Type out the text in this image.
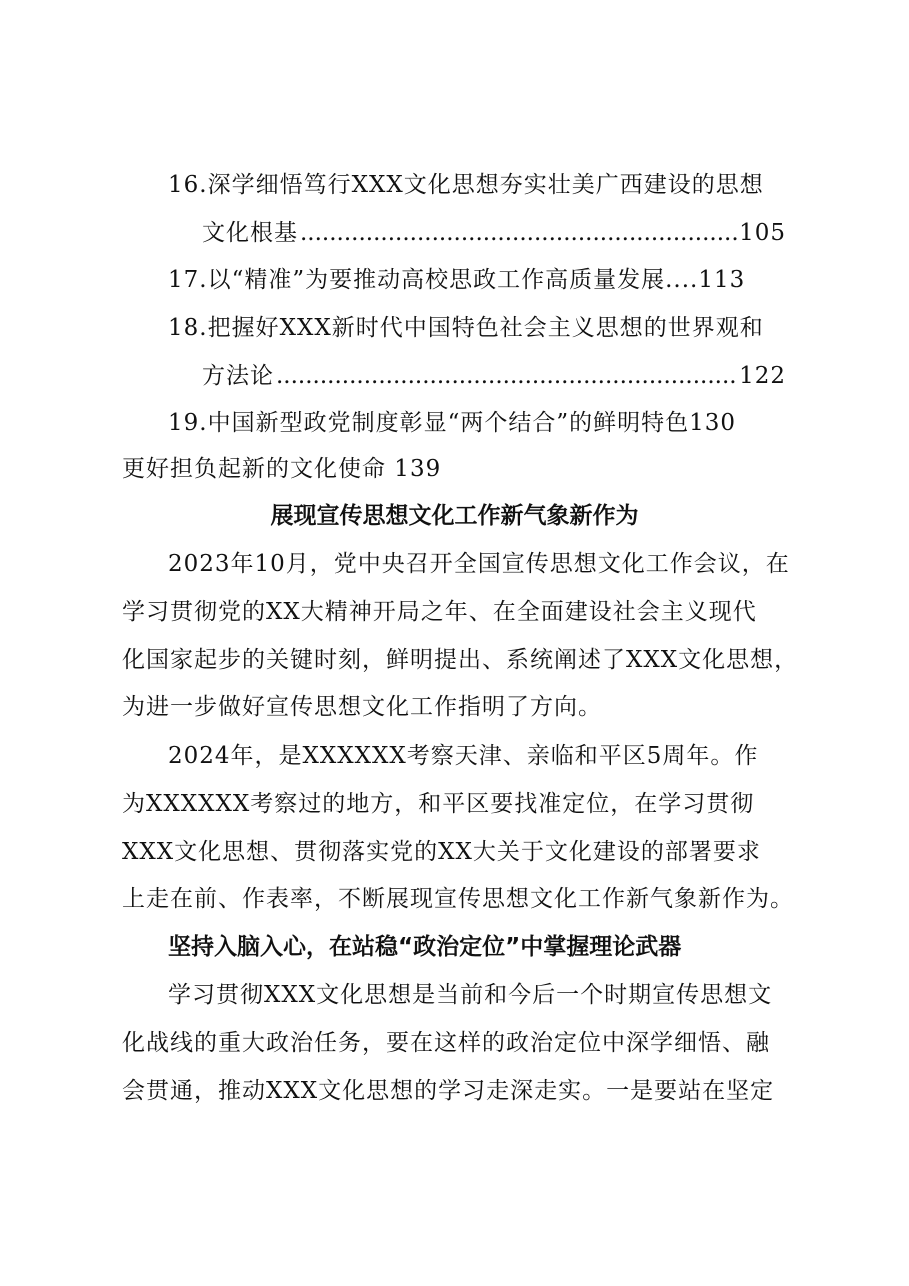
16.深学细悟笃行XXX文化思想夯实壮美广西建设的思想
文化根基 .....	105
17.以“精准”为要推动高校思政工作高质量发展....113
18.把握好XXX新时代中国特色社会主义思想的世界观和
方法论 .....	122
19.中国新型政党制度彰显“两个结合”的鲜明特色130
更好担负起新的文化使命 139
展现宣传思想文化工作新气象新作为
2023年10月，党中央召开全国宣传思想文化工作会议，在
学习贯彻党的XX大精神开局之年、在全面建设社会主义现代
化国家起步的关键时刻，鲜明提出、系统阐述了XXX文化思想，
为进一步做好宣传思想文化工作指明了方向。
2024年，是XXXXXX考察天津、亲临和平区5周年。作
为XXXXXX考察过的地方，和平区要找准定位，在学习贯彻
XXX文化思想、贯彻落实党的XX大关于文化建设的部署要求
上走在前、作表率，不断展现宣传思想文化工作新气象新作为。
坚持入脑入心，在站稳“政治定位”中掌握理论武器
学习贯彻XXX文化思想是当前和今后一个时期宣传思想文
化战线的重大政治任务，要在这样的政治定位中深学细悟、融
会贯通，推动XXX文化思想的学习走深走实。一是要站在坚定
